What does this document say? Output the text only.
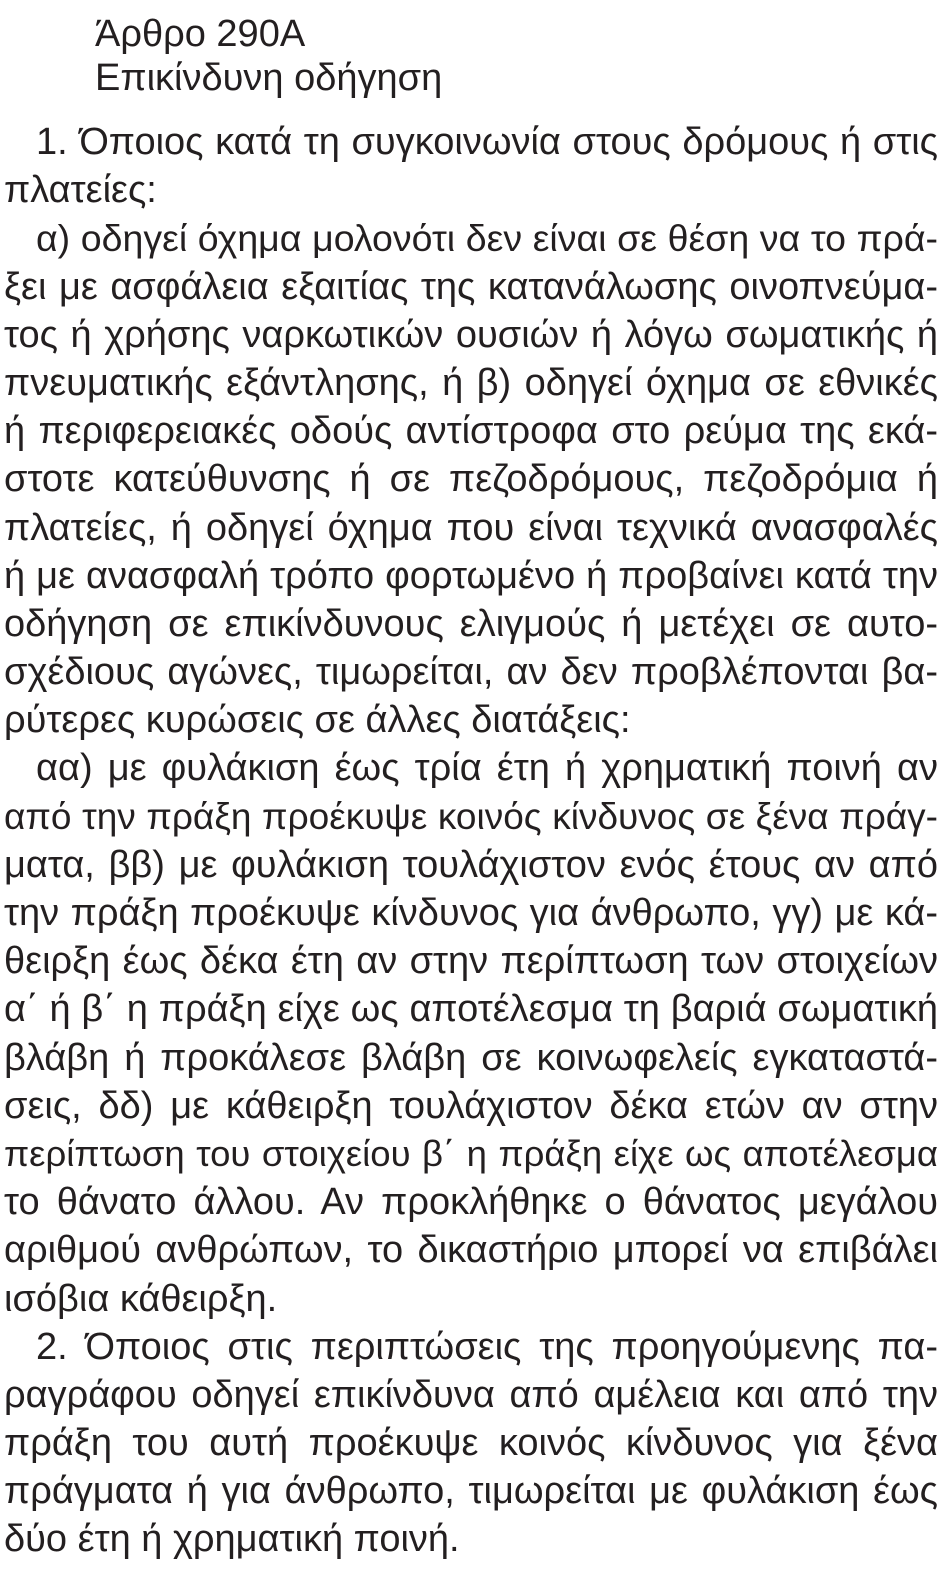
Άρθρο 290Α
Επικίνδυνη οδήγηση
1. Όποιος κατά τη συγκοινωνία στους δρόμους ή στις
πλατείες:
α) οδηγεί όχημα μολονότι δεν είναι σε θέση να το πρά-
ξει με ασφάλεια εξαιτίας της κατανάλωσης οινοπνεύμα-
τος ή χρήσης ναρκωτικών ουσιών ή λόγω σωματικής ή
πνευματικής εξάντλησης, ή β) οδηγεί όχημα σε εθνικές
ή περιφερειακές οδούς αντίστροφα στο ρεύμα της εκά-
στοτε κατεύθυνσης ή σε πεζοδρόμους, πεζοδρόμια ή
πλατείες, ή οδηγεί όχημα που είναι τεχνικά ανασφαλές
ή με ανασφαλή τρόπο φορτωμένο ή προβαίνει κατά την
οδήγηση σε επικίνδυνους ελιγμούς ή μετέχει σε αυτο-
σχέδιους αγώνες, τιμωρείται, αν δεν προβλέπονται βα-
ρύτερες κυρώσεις σε άλλες διατάξεις:
αα) με φυλάκιση έως τρία έτη ή χρηματική ποινή αν
από την πράξη προέκυψε κοινός κίνδυνος σε ξένα πράγ-
ματα, ββ) με φυλάκιση τουλάχιστον ενός έτους αν από
την πράξη προέκυψε κίνδυνος για άνθρωπο, γγ) με κά-
θειρξη έως δέκα έτη αν στην περίπτωση των στοιχείων
α΄ ή β΄ η πράξη είχε ως αποτέλεσμα τη βαριά σωματική
βλάβη ή προκάλεσε βλάβη σε κοινωφελείς εγκαταστά-
σεις, δδ) με κάθειρξη τουλάχιστον δέκα ετών αν στην
περίπτωση του στοιχείου β΄ η πράξη είχε ως αποτέλεσμα
το θάνατο άλλου. Αν προκλήθηκε ο θάνατος μεγάλου
αριθμού ανθρώπων, το δικαστήριο μπορεί να επιβάλει
ισόβια κάθειρξη.
2. Όποιος στις περιπτώσεις της προηγούμενης πα-
ραγράφου οδηγεί επικίνδυνα από αμέλεια και από την
πράξη του αυτή προέκυψε κοινός κίνδυνος για ξένα
πράγματα ή για άνθρωπο, τιμωρείται με φυλάκιση έως
δύο έτη ή χρηματική ποινή.
